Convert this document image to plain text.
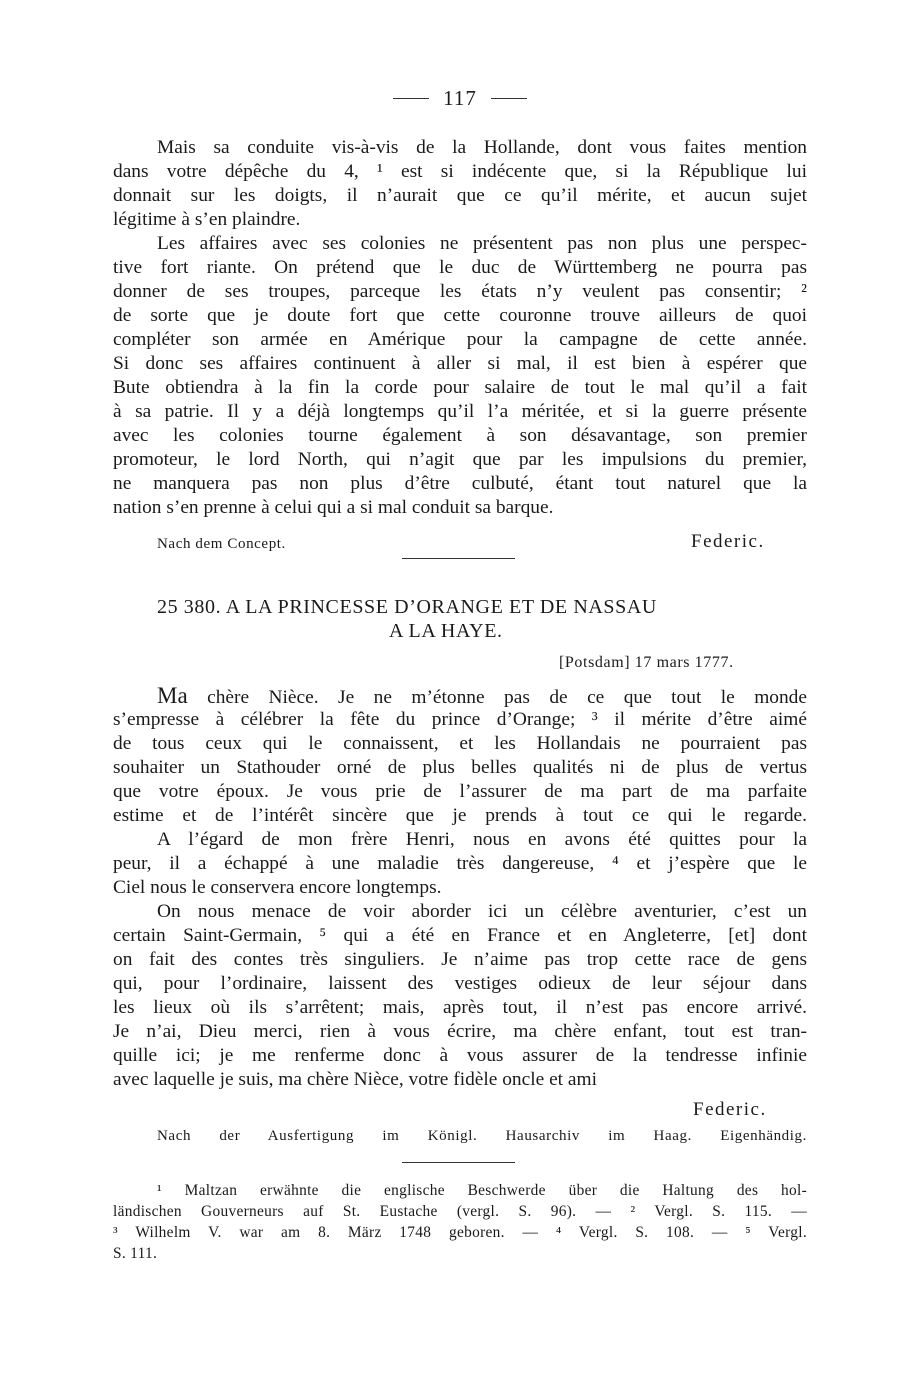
117
Mais sa conduite vis-à-vis de la Hollande, dont vous faites mention
dans votre dépêche du 4, ¹ est si indécente que, si la République lui
donnait sur les doigts, il n’aurait que ce qu’il mérite, et aucun sujet
légitime à s’en plaindre.
Les affaires avec ses colonies ne présentent pas non plus une perspec-
tive fort riante. On prétend que le duc de Württemberg ne pourra pas
donner de ses troupes, parceque les états n’y veulent pas consentir; ²
de sorte que je doute fort que cette couronne trouve ailleurs de quoi
compléter son armée en Amérique pour la campagne de cette année.
Si donc ses affaires continuent à aller si mal, il est bien à espérer que
Bute obtiendra à la fin la corde pour salaire de tout le mal qu’il a fait
à sa patrie. Il y a déjà longtemps qu’il l’a méritée, et si la guerre présente
avec les colonies tourne également à son désavantage, son premier
promoteur, le lord North, qui n’agit que par les impulsions du premier,
ne manquera pas non plus d’être culbuté, étant tout naturel que la
nation s’en prenne à celui qui a si mal conduit sa barque.
Nach dem Concept.	Federic.
25 380. A LA PRINCESSE D’ORANGE ET DE NASSAU
A LA HAYE.
[Potsdam] 17 mars 1777.
Ma chère Nièce. Je ne m’étonne pas de ce que tout le monde
s’empresse à célébrer la fête du prince d’Orange; ³ il mérite d’être aimé
de tous ceux qui le connaissent, et les Hollandais ne pourraient pas
souhaiter un Stathouder orné de plus belles qualités ni de plus de vertus
que votre époux. Je vous prie de l’assurer de ma part de ma parfaite
estime et de l’intérêt sincère que je prends à tout ce qui le regarde.
A l’égard de mon frère Henri, nous en avons été quittes pour la
peur, il a échappé à une maladie très dangereuse, ⁴ et j’espère que le
Ciel nous le conservera encore longtemps.
On nous menace de voir aborder ici un célèbre aventurier, c’est un
certain Saint-Germain, ⁵ qui a été en France et en Angleterre, [et] dont
on fait des contes très singuliers. Je n’aime pas trop cette race de gens
qui, pour l’ordinaire, laissent des vestiges odieux de leur séjour dans
les lieux où ils s’arrêtent; mais, après tout, il n’est pas encore arrivé.
Je n’ai, Dieu merci, rien à vous écrire, ma chère enfant, tout est tran-
quille ici; je me renferme donc à vous assurer de la tendresse infinie
avec laquelle je suis, ma chère Nièce, votre fidèle oncle et ami
Federic.
Nach der Ausfertigung im Königl. Hausarchiv im Haag. Eigenhändig.
¹ Maltzan erwähnte die englische Beschwerde über die Haltung des hol-
ländischen Gouverneurs auf St. Eustache (vergl. S. 96). — ² Vergl. S. 115. —
³ Wilhelm V. war am 8. März 1748 geboren. — ⁴ Vergl. S. 108. — ⁵ Vergl.
S. 111.
